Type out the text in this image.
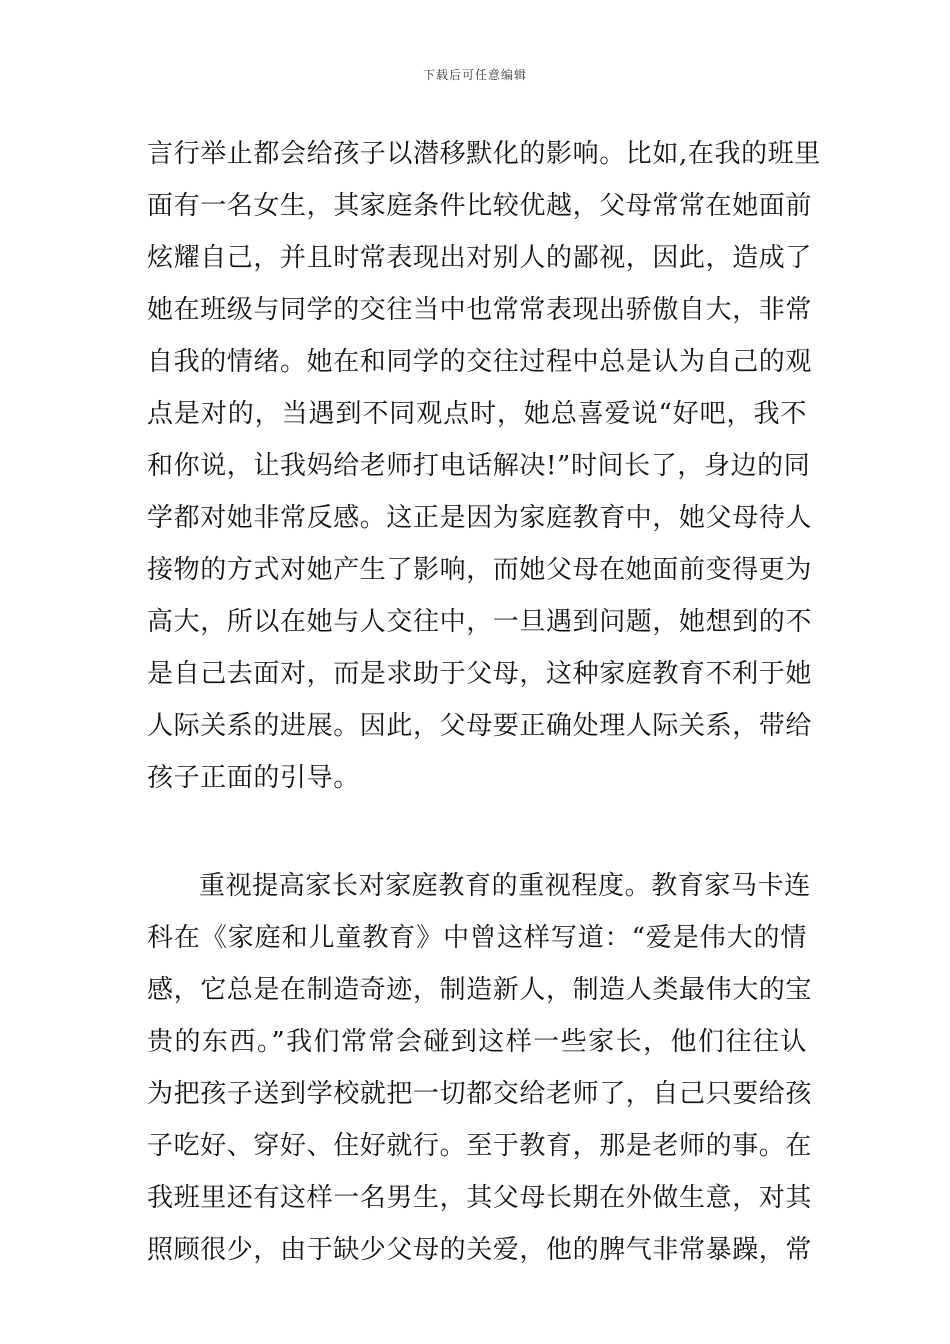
下载后可任意编辑
言行举止都会给孩子以潜移默化的影响。比如,在我的班里
面有一名女生，其家庭条件比较优越，父母常常在她面前
炫耀自己，并且时常表现出对别人的鄙视，因此，造成了
她在班级与同学的交往当中也常常表现出骄傲自大，非常
自我的情绪。她在和同学的交往过程中总是认为自己的观
点是对的，当遇到不同观点时，她总喜爱说“好吧，我不
和你说，让我妈给老师打电话解决!”时间长了，身边的同
学都对她非常反感。这正是因为家庭教育中，她父母待人
接物的方式对她产生了影响，而她父母在她面前变得更为
高大，所以在她与人交往中，一旦遇到问题，她想到的不
是自己去面对，而是求助于父母，这种家庭教育不利于她
人际关系的进展。因此，父母要正确处理人际关系，带给
孩子正面的引导。
重视提高家长对家庭教育的重视程度。教育家马卡连
科在《家庭和儿童教育》中曾这样写道：“爱是伟大的情
感，它总是在制造奇迹，制造新人，制造人类最伟大的宝
贵的东西。”我们常常会碰到这样一些家长，他们往往认
为把孩子送到学校就把一切都交给老师了，自己只要给孩
子吃好、穿好、住好就行。至于教育，那是老师的事。在
我班里还有这样一名男生，其父母长期在外做生意，对其
照顾很少，由于缺少父母的关爱，他的脾气非常暴躁，常
